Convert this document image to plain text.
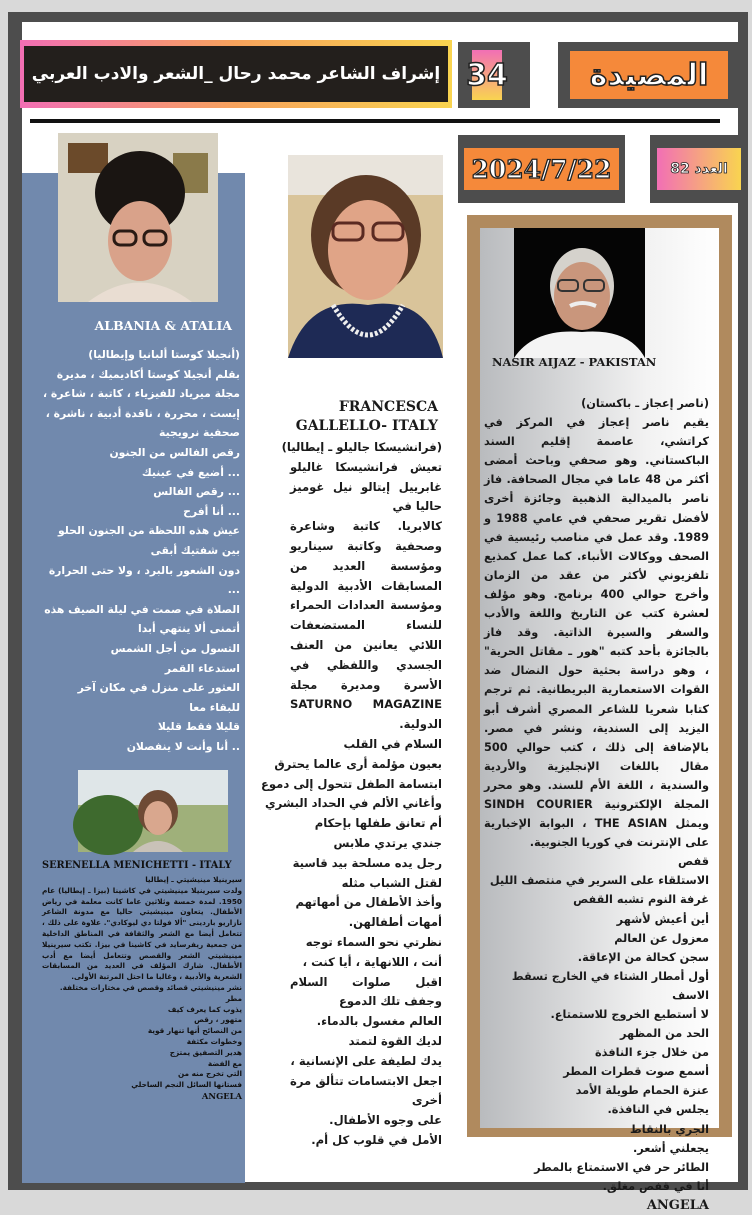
إشراف الشاعر محمد رحال _الشعر والادب العربي 34	المصيدة
2024/7/22	العدد 82
ALBANIA & ATALIA
(أنجيلا كوستا ألبانيا وإيطاليا)
بقلم أنجيلا كوستا أكاديميك ، مديرة
مجلة ميرياد للفيزياء ، كاتبة ، شاعرة ،
إيست ، محررة ، ناقدة أدبية ، ناشرة ،
صحفية نرويجية
رقص الفالس من الجنون
... أضيع في عينيك
... رقص الفالس
... أنا أفرح
عيش هذه اللحظة من الجنون الحلو
بين شفتيك أبقى
دون الشعور بالبرد ، ولا حتى الحرارة
...
الصلاة في صمت في ليلة الصيف هذه
أتمنى ألا ينتهي أبدا
التسول من أجل الشمس
استدعاء القمر
العثور على منزل في مكان آخر
للبقاء معا
قليلا فقط قليلا
.. أنا وأنت لا ينفصلان
SERENELLA MENICHETTI - ITALY
سيرينيلا مينيشيتي ـ إيطاليا
ولدت سيرينيلا مينيشيتي في كاشينا (بيزا ـ إيطاليا) عام 1950. لمدة خمسة وثلاثين عاما كانت معلمة في رياض الأطفال. يتعاون مينيشيتي حاليا مع مدونة الشاعر نازاريو باردينى "ألا فولتا دي ليوكادي". علاوة على ذلك ، تتعامل أيضا مع الشعر والثقافة في المناطق الداخلية من جمعية ريفرسايد في كاشينا في بيزا. تكتب سيرينيلا مينيشيتي الشعر والقصص وتتعامل أيضا مع أدب الأطفال. شارك المؤلف في العديد من المسابقات الشعرية والأدبية ، وغالبا ما احتل المرتبة الأولى.
نشر مينيشيتي قصائد وقصص في مختارات مختلفة.
مطر
يذوب كما يعرف كيف
متهور ، رقص
من النصائح أنها تنهار قوية
وخطوات مكثفة
هدير التصفيق يمتزج
مع الفضة
التي تخرج منه من
فستانها السائل النجم الساحلي
ANGELA
FRANCESCA GALLELLO- ITALY
(فرانشيسكا جاليلو ـ إيطاليا)
تعيش فرانشيسكا غاليلو غابرييل إيتالو نيل غوميز حاليا في
كالابريا. كاتبة وشاعرة وصحفية وكاتبة سيناريو ومؤسسة العديد من المسابقات الأدبية الدولية ومؤسسة العدادات الحمراء للنساء المستضعفات اللائي يعانين من العنف الجسدي واللفظي في الأسرة ومديرة مجلة SATURNO MAGAZINE الدولية.
السلام في القلب
بعيون مؤلمة أرى عالما يحترق
ابتسامة الطفل تتحول إلى دموع
وأغاني الألم في الحداد البشري
أم تعانق طفلها بإحكام
جندي يرتدي ملابس
رجل يده مسلحة بيد قاسية
لقتل الشباب مثله
وأخذ الأطفال من أمهاتهم
أمهات أطفالهن.
نظرتي نحو السماء توجه
أنت ، اللانهاية ، أيا كنت ،
اقبل صلوات السلام وجفف تلك الدموع
العالم مغسول بالدماء.
لديك القوة لتمتد
يدك لطيفة على الإنسانية ،
اجعل الابتسامات تتألق مرة أخرى
على وجوه الأطفال.
الأمل في قلوب كل أم.
NASIR AIJAZ - PAKISTAN
(ناصر إعجاز ـ باكستان)
يقيم ناصر إعجاز في المركز في كراتشي، عاصمة إقليم السند الباكستاني. وهو صحفي وباحث أمضى أكثر من 48 عاما في مجال الصحافة. فاز ناصر بالميدالية الذهبية وجائزة أخرى لأفضل تقرير صحفي في عامي 1988 و 1989. وقد عمل في مناصب رئيسية في الصحف ووكالات الأنباء. كما عمل كمذيع تلفزيوني لأكثر من عقد من الزمان وأخرج حوالي 400 برنامج. وهو مؤلف لعشرة كتب عن التاريخ واللغة والأدب والسفر والسيرة الذاتية. وقد فاز بالجائزة بأحد كتبه "هور ـ مقاتل الحرية" ، وهو دراسة بحثية حول النضال ضد القوات الاستعمارية البريطانية. ثم ترجم كتابا شعريا للشاعر المصري أشرف أبو اليزيد إلى السندية، ونشر في مصر. بالإضافة إلى ذلك ، كتب حوالي 500 مقال باللغات الإنجليزية والأردية والسندية ، اللغة الأم للسند. وهو محرر المجلة الإلكترونية SINDH COURIER ويمثل THE ASIAN ، البوابة الإخبارية على الإنترنت في كوريا الجنوبية.
قفص
الاستلقاء على السرير في منتصف الليل
غرفة النوم تشبه القفص
أين أعيش لأشهر
معزول عن العالم
سجن كحالة من الإعاقة.
أول أمطار الشتاء في الخارج تسقط
الاسف
لا أستطيع الخروج للاستمتاع.
الحد من المظهر
من خلال جزء النافذة
أسمع صوت قطرات المطر
عنزة الحمام طويلة الأمد
يجلس في النافذة.
الجري بالنقاط
يجعلني أشعر.
الطائر حر في الاستمتاع بالمطر
أنا في قفص مغلق.
ANGELA
